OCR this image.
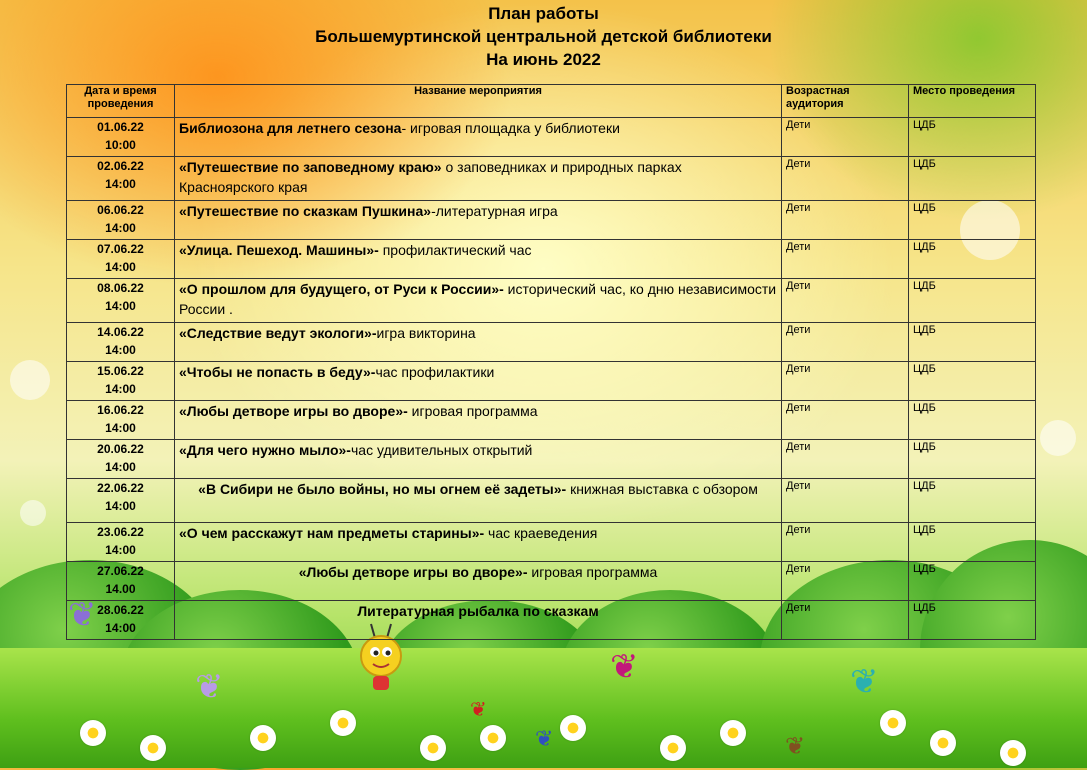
❦
❦
❦	❦
❦
❦	❦
План работы
Большемуртинской центральной детской библиотеки
На июнь 2022
Дата и время проведения	Название мероприятия	Возрастная аудитория	Место проведения

01.06.22
10:00	Библиозона для летнего сезона- игровая площадка у библиотеки	Дети	ЦДБ

02.06.22
14:00	«Путешествие по заповедному краю» о заповедниках и природных парках Красноярского края	Дети	ЦДБ

06.06.22
14:00	«Путешествие по сказкам Пушкина»-литературная игра	Дети	ЦДБ

07.06.22
14:00	«Улица. Пешеход. Машины»- профилактический час	Дети	ЦДБ

08.06.22
14:00	«О прошлом для будущего, от Руси к России»- исторический час, ко дню независимости России .	Дети	ЦДБ

14.06.22
14:00	«Следствие ведут экологи»-игра викторина	Дети	ЦДБ

15.06.22
14:00	«Чтобы не попасть в беду»-час профилактики	Дети	ЦДБ

16.06.22
14:00	«Любы детворе игры во дворе»- игровая программа	Дети	ЦДБ

20.06.22
14:00	«Для чего нужно мыло»-час удивительных открытий	Дети	ЦДБ

22.06.22
14:00	«В Сибири не было войны, но мы огнем её задеты»- книжная выставка с обзором	Дети	ЦДБ

23.06.22
14:00	«О чем расскажут нам предметы старины»- час краеведения	Дети	ЦДБ

27.06.22
14.00	«Любы детворе игры во дворе»- игровая программа	Дети	ЦДБ

28.06.22
14:00	Литературная рыбалка по сказкам	Дети	ЦДБ
